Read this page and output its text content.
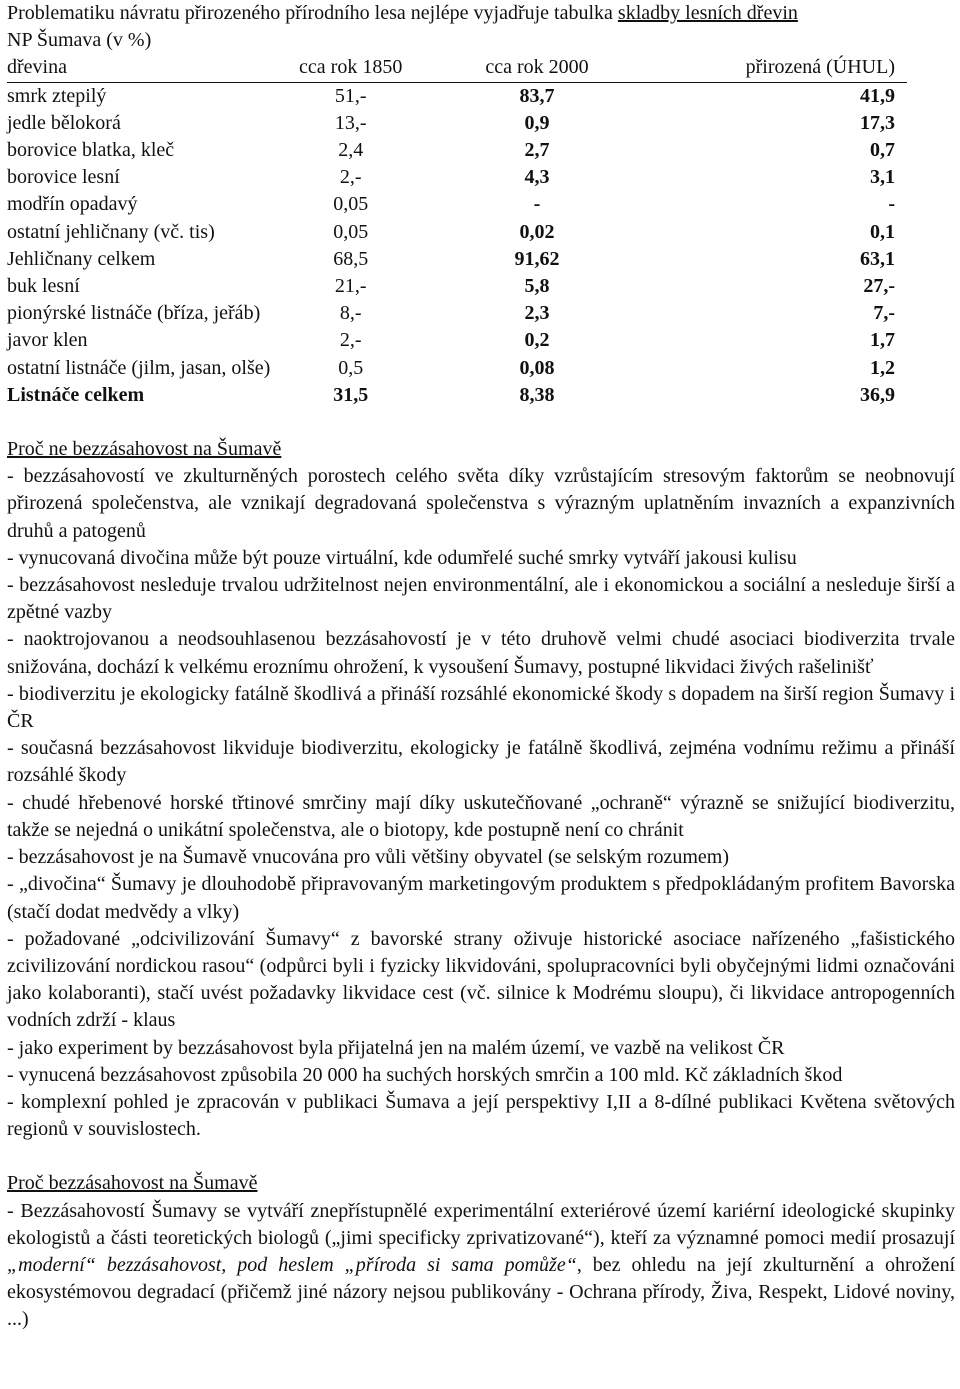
Problematiku návratu přirozeného přírodního lesa nejlépe vyjadřuje tabulka skladby lesních dřevin
NP Šumava (v %)

dřevina	cca rok 1850	cca rok 2000	přirozená (ÚHUL)
smrk ztepilý	51,-	83,7	41,9
jedle bělokorá	13,-	0,9	17,3
borovice blatka, kleč	2,4	2,7	0,7
borovice lesní	2,-	4,3	3,1
modřín opadavý	0,05	-	-
ostatní jehličnany (vč. tis)	0,05	0,02	0,1
Jehličnany celkem	68,5	91,62	63,1
buk lesní	21,-	5,8	27,-
pionýrské listnáče (bříza, jeřáb)	8,-	2,3	7,-
javor klen	2,-	0,2	1,7
ostatní listnáče (jilm, jasan, olše)	0,5	0,08	1,2
Listnáče celkem	31,5	8,38	36,9

Proč ne bezzásahovost na Šumavě

- bezzásahovostí ve zkulturněných porostech celého světa díky vzrůstajícím stresovým faktorům se neobnovují přirozená společenstva, ale vznikají degradovaná společenstva s výrazným uplatněním invazních a expanzivních druhů a patogenů

- vynucovaná divočina může být pouze virtuální, kde odumřelé suché smrky vytváří jakousi kulisu

- bezzásahovost nesleduje trvalou udržitelnost nejen environmentální, ale i ekonomickou a sociální a nesleduje širší a zpětné vazby

- naoktrojovanou a neodsouhlasenou bezzásahovostí je v této druhově velmi chudé asociaci biodiverzita trvale snižována, dochází k velkému eroznímu ohrožení, k vysoušení Šumavy, postupné likvidaci živých rašelinišť

- biodiverzitu je ekologicky fatálně škodlivá a přináší rozsáhlé ekonomické škody s dopadem na širší region Šumavy i ČR

- současná bezzásahovost likviduje biodiverzitu, ekologicky je fatálně škodlivá, zejména vodnímu režimu a přináší rozsáhlé škody

- chudé hřebenové horské třtinové smrčiny mají díky uskutečňované „ochraně“ výrazně se snižující biodiverzitu, takže se nejedná o unikátní společenstva, ale o biotopy, kde postupně není co chránit

- bezzásahovost je na Šumavě vnucována pro vůli většiny obyvatel (se selským rozumem)

- „divočina“ Šumavy je dlouhodobě připravovaným marketingovým produktem s předpokládaným profitem Bavorska (stačí dodat medvědy a vlky)

- požadované „odcivilizování Šumavy“ z bavorské strany oživuje historické asociace nařízeného „fašistického zcivilizování nordickou rasou“ (odpůrci byli i fyzicky likvidováni, spolupracovníci byli obyčejnými lidmi označováni jako kolaboranti), stačí uvést požadavky likvidace cest (vč. silnice k Modrému sloupu), či likvidace antropogenních vodních zdrží - klaus

- jako experiment by bezzásahovost byla přijatelná jen na malém území, ve vazbě na velikost ČR

- vynucená bezzásahovost způsobila 20 000 ha suchých horských smrčin a 100 mld. Kč základních škod

- komplexní pohled je zpracován v publikaci Šumava a její perspektivy I,II a 8-dílné publikaci Květena světových regionů v souvislostech.

Proč bezzásahovost na Šumavě

- Bezzásahovostí Šumavy se vytváří znepřístupnělé experimentální exteriérové území kariérní ideologické skupinky ekologistů a části teoretických biologů („jimi specificky zprivatizované“), kteří za významné pomoci medií prosazují „moderní“ bezzásahovost, pod heslem „příroda si sama pomůže“, bez ohledu na její zkulturnění a ohrožení ekosystémovou degradací (přičemž jiné názory nejsou publikovány - Ochrana přírody, Živa, Respekt, Lidové noviny, ...)
